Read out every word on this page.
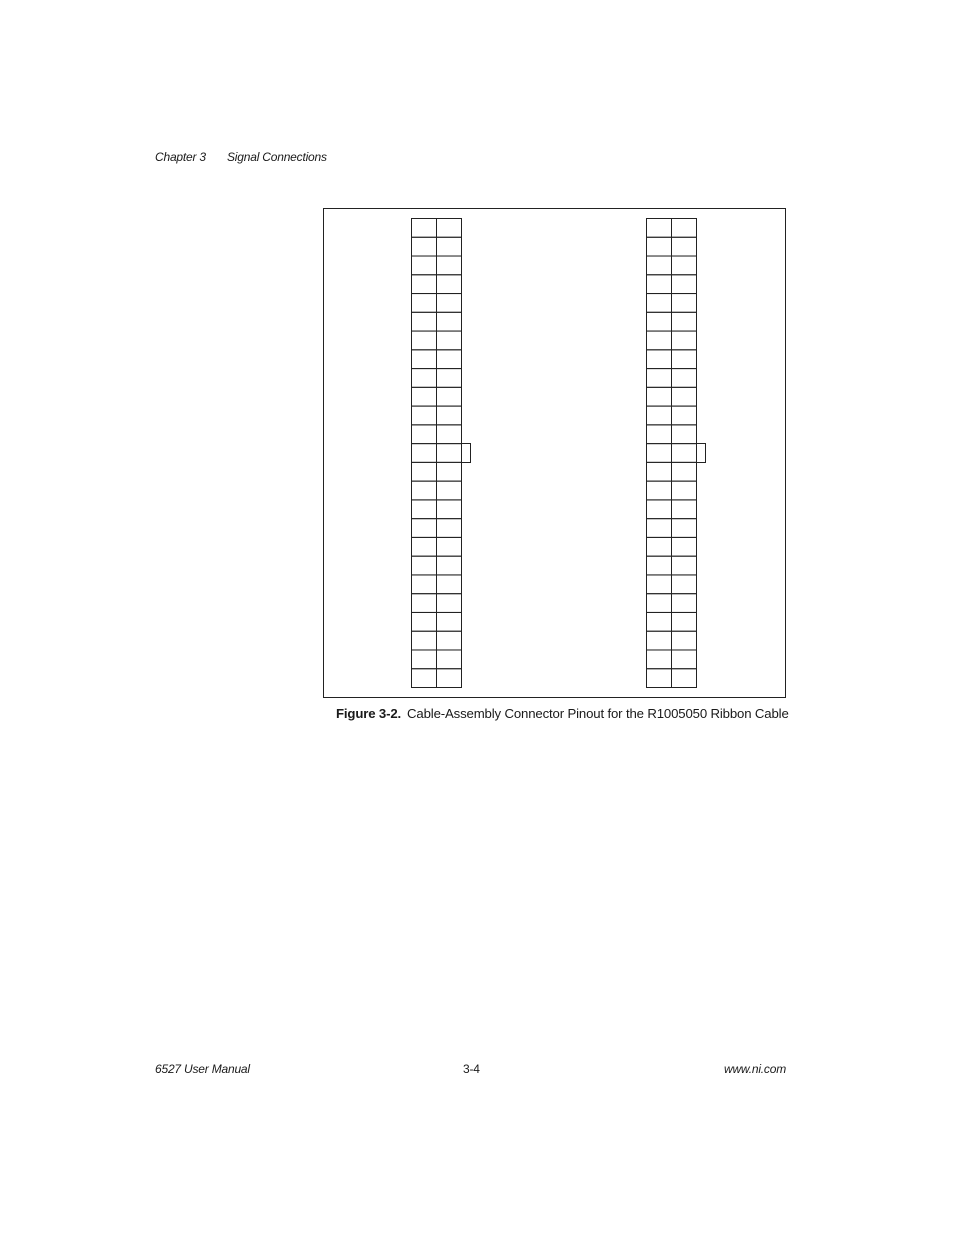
Chapter 3 Signal Connections
Figure 3-2. Cable-Assembly Connector Pinout for the R1005050 Ribbon Cable
6527 User Manual	3-4	www.ni.com
